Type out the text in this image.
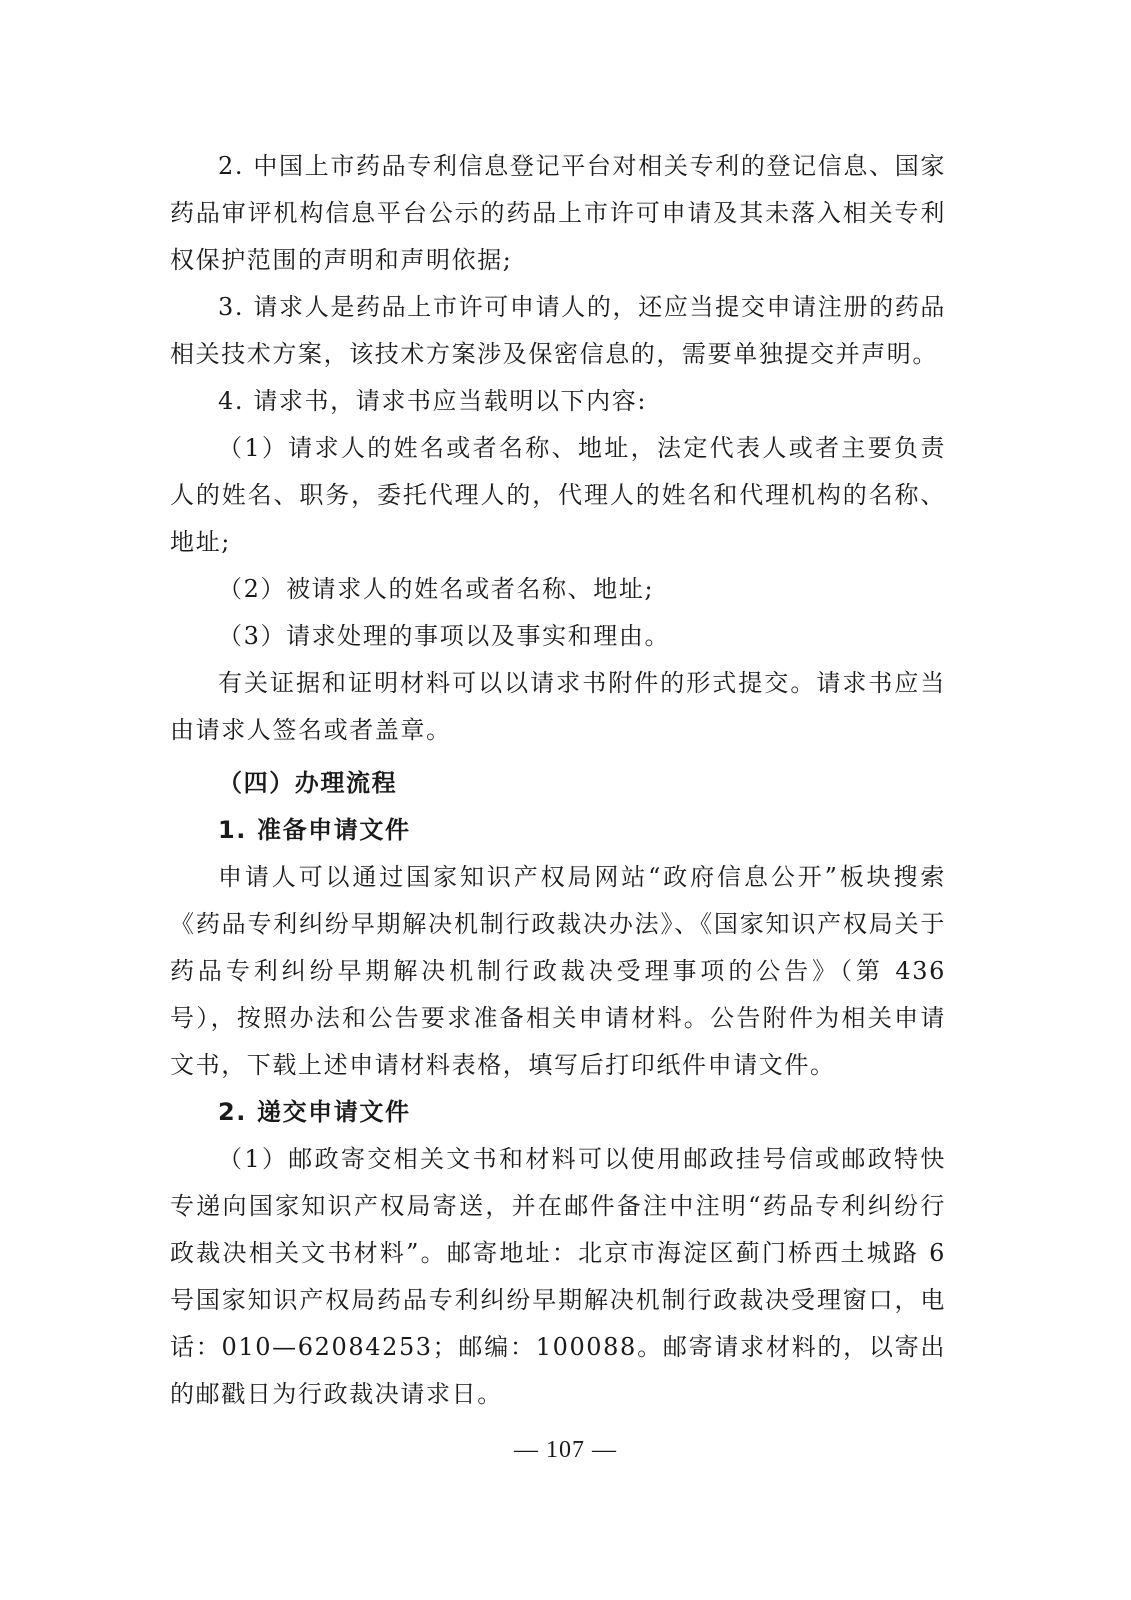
2. 中国上市药品专利信息登记平台对相关专利的登记信息、国家药品审评机构信息平台公示的药品上市许可申请及其未落入相关专利权保护范围的声明和声明依据;

3. 请求人是药品上市许可申请人的，还应当提交申请注册的药品相关技术方案，该技术方案涉及保密信息的，需要单独提交并声明。

4. 请求书，请求书应当载明以下内容:

（1）请求人的姓名或者名称、地址，法定代表人或者主要负责人的姓名、职务，委托代理人的，代理人的姓名和代理机构的名称、地址;

（2）被请求人的姓名或者名称、地址;

（3）请求处理的事项以及事实和理由。

有关证据和证明材料可以以请求书附件的形式提交。请求书应当由请求人签名或者盖章。

（四）办理流程

1. 准备申请文件

申请人可以通过国家知识产权局网站“政府信息公开”板块搜索《药品专利纠纷早期解决机制行政裁决办法》、《国家知识产权局关于药品专利纠纷早期解决机制行政裁决受理事项的公告》（第 436 号），按照办法和公告要求准备相关申请材料。公告附件为相关申请文书，下载上述申请材料表格，填写后打印纸件申请文件。

2. 递交申请文件

（1）邮政寄交相关文书和材料可以使用邮政挂号信或邮政特快专递向国家知识产权局寄送，并在邮件备注中注明“药品专利纠纷行政裁决相关文书材料”。邮寄地址：北京市海淀区蓟门桥西土城路 6 号国家知识产权局药品专利纠纷早期解决机制行政裁决受理窗口，电话：010—62084253；邮编：100088。邮寄请求材料的，以寄出的邮戳日为行政裁决请求日。

— 107 —
